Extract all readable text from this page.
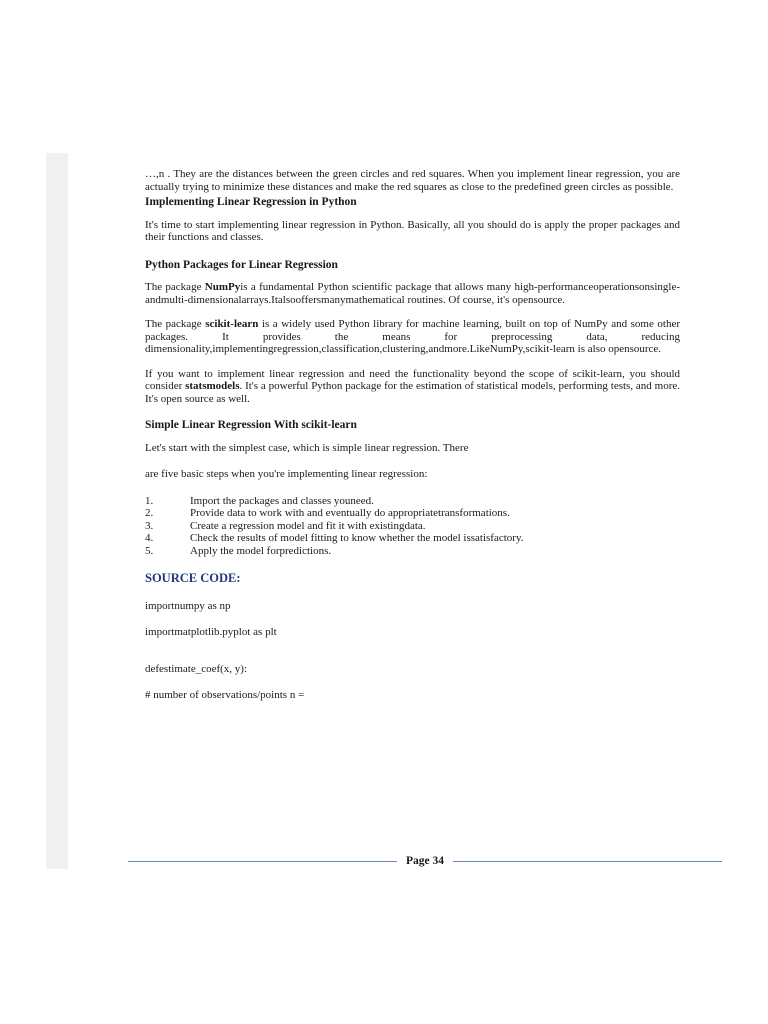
…,n . They are the distances between the green circles and red squares. When you implement linear regression, you are actually trying to minimize these distances and make the red squares as close to the predefined green circles as possible.

Implementing Linear Regression in Python

It's time to start implementing linear regression in Python. Basically, all you should do is apply the proper packages and their functions and classes.

Python Packages for Linear Regression

The package NumPyis a fundamental Python scientific package that allows many high-performanceoperationsonsingle-andmulti-dimensionalarrays.Italsooffersmanymathematical routines. Of course, it's opensource.

The package scikit-learn is a widely used Python library for machine learning, built on top of NumPy and some other packages. It provides the means for preprocessing data, reducing dimensionality,implementingregression,classification,clustering,andmore.LikeNumPy,scikit-learn is also opensource.

If you want to implement linear regression and need the functionality beyond the scope of scikit-learn, you should consider statsmodels. It's a powerful Python package for the estimation of statistical models, performing tests, and more. It's open source as well.

Simple Linear Regression With scikit-learn

Let's start with the simplest case, which is simple linear regression. There

are five basic steps when you're implementing linear regression:

1.	Import the packages and classes youneed.
2.	Provide data to work with and eventually do appropriatetransformations.
3.	Create a regression model and fit it with existingdata.
4.	Check the results of model fitting to know whether the model issatisfactory.
5.	Apply the model forpredictions.

SOURCE CODE:

importnumpy as np

importmatplotlib.pyplot as plt

defestimate_coef(x, y):

# number of observations/points n =

Page 34
